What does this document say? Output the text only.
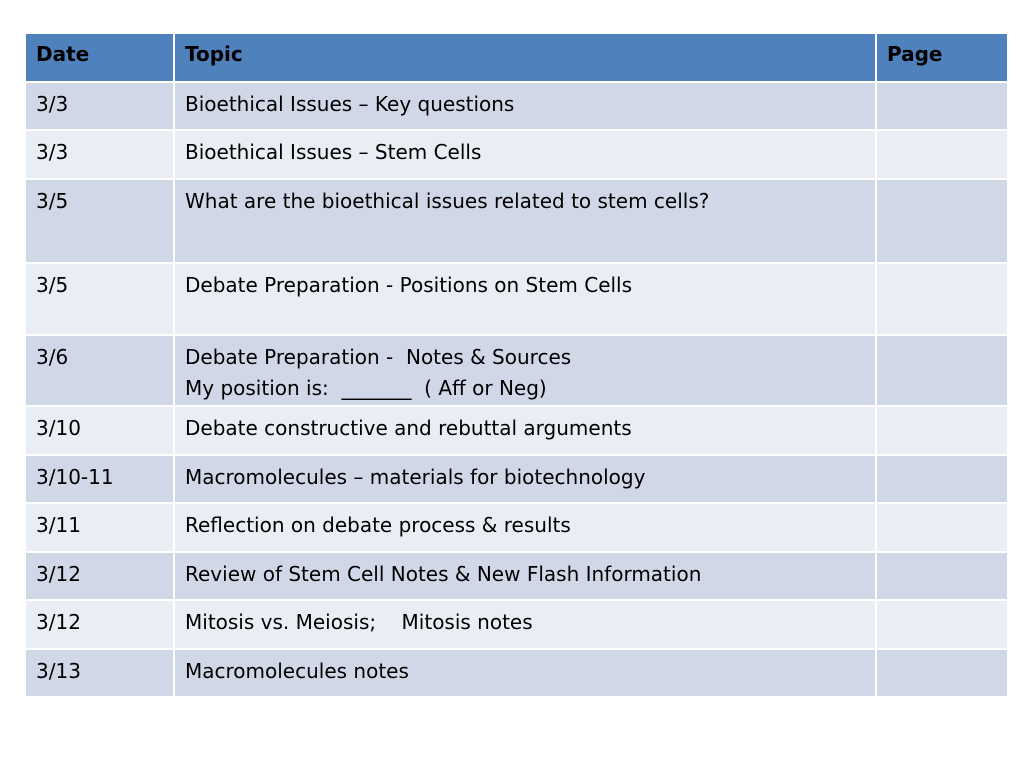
Date	Topic	Page
3/3	Bioethical Issues – Key questions	

3/3	Bioethical Issues – Stem Cells	

3/5	What are the bioethical issues related to stem cells?	

3/5	Debate Preparation - Positions on Stem Cells	

3/6	Debate Preparation -  Notes & Sources
My position is:  _______  ( Aff or Neg)	

3/10	Debate constructive and rebuttal arguments	

3/10-11	Macromolecules – materials for biotechnology	

3/11	Reflection on debate process & results	

3/12	Review of Stem Cell Notes & New Flash Information	

3/12	Mitosis vs. Meiosis;    Mitosis notes	

3/13	Macromolecules notes	
